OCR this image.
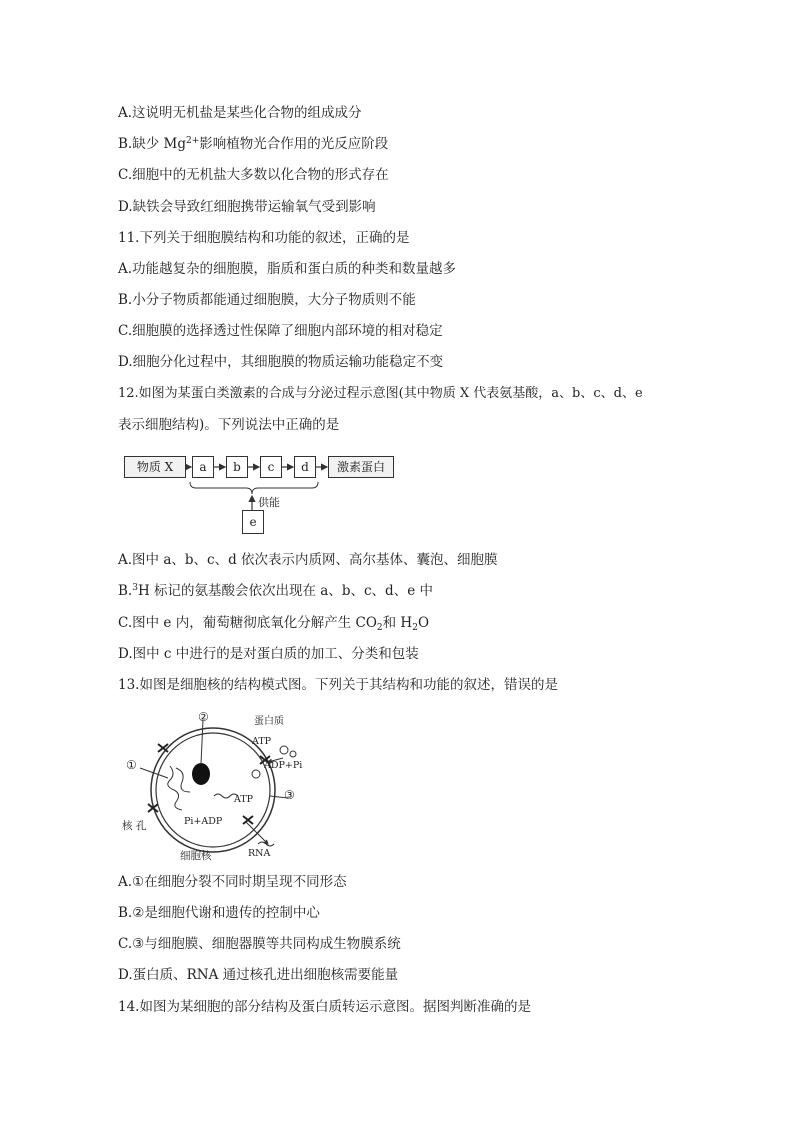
A.这说明无机盐是某些化合物的组成成分
B.缺少 $Mg^{2+}$影响植物光合作用的光反应阶段
C.细胞中的无机盐大多数以化合物的形式存在
D.缺铁会导致红细胞携带运输氧气受到影响
11.下列关于细胞膜结构和功能的叙述，正确的是
A.功能越复杂的细胞膜，脂质和蛋白质的种类和数量越多
B.小分子物质都能通过细胞膜，大分子物质则不能
C.细胞膜的选择透过性保障了细胞内部环境的相对稳定
D.细胞分化过程中，其细胞膜的物质运输功能稳定不变
12.如图为某蛋白类激素的合成与分泌过程示意图(其中物质 X 代表氨基酸，a、b、c、d、e
表示细胞结构)。下列说法中正确的是
物质 X	a	b	c	d	激素蛋白
供能
e
A.图中 a、b、c、d 依次表示内质网、高尔基体、囊泡、细胞膜
B.$^3$H 标记的氨基酸会依次出现在 a、b、c、d、e 中
C.图中 e 内，葡萄糖彻底氧化分解产生 $CO_2$和 $H_2O$
D.图中 c 中进行的是对蛋白质的加工、分类和包装
13.如图是细胞核的结构模式图。下列关于其结构和功能的叙述，错误的是
②
①
③
蛋白质
ATP
ADP+Pi
ATP
Pi+ADP
RNA
核 孔
细胞核
A.①在细胞分裂不同时期呈现不同形态
B.②是细胞代谢和遗传的控制中心
C.③与细胞膜、细胞器膜等共同构成生物膜系统
D.蛋白质、RNA 通过核孔进出细胞核需要能量
14.如图为某细胞的部分结构及蛋白质转运示意图。据图判断准确的是
